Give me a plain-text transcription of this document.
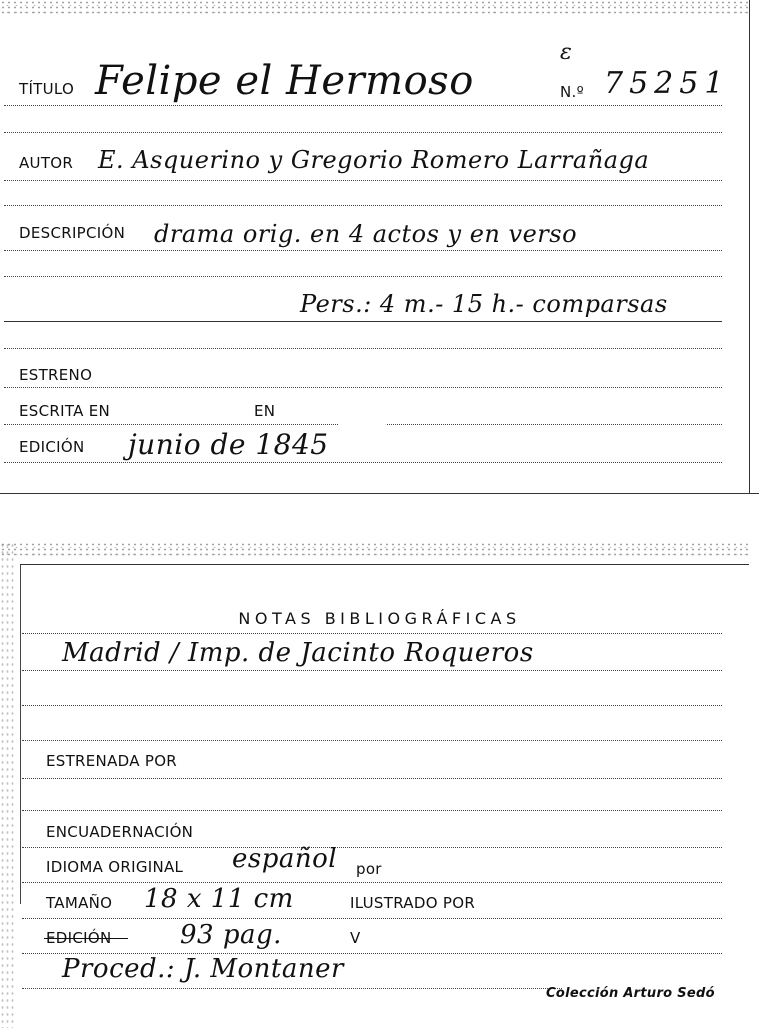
ε
TÍTULO Felipe el Hermoso	N.º 75251
AUTOR E. Asquerino y Gregorio Romero Larrañaga
DESCRIPCIÓN drama orig. en 4 actos y en verso
Pers.: 4 m.- 15 h.- comparsas
ESTRENO
ESCRITA EN	EN
EDICIÓN junio de 1845
NOTAS BIBLIOGRÁFICAS
Madrid / Imp. de Jacinto Roqueros
ESTRENADA POR
ENCUADERNACIÓN
IDIOMA ORIGINAL español por
TAMAÑO 18 x 11 cm	ILUSTRADO POR
EDICIÓN	93 pag.	V
Proced.: J. Montaner
Colección Arturo Sedó
